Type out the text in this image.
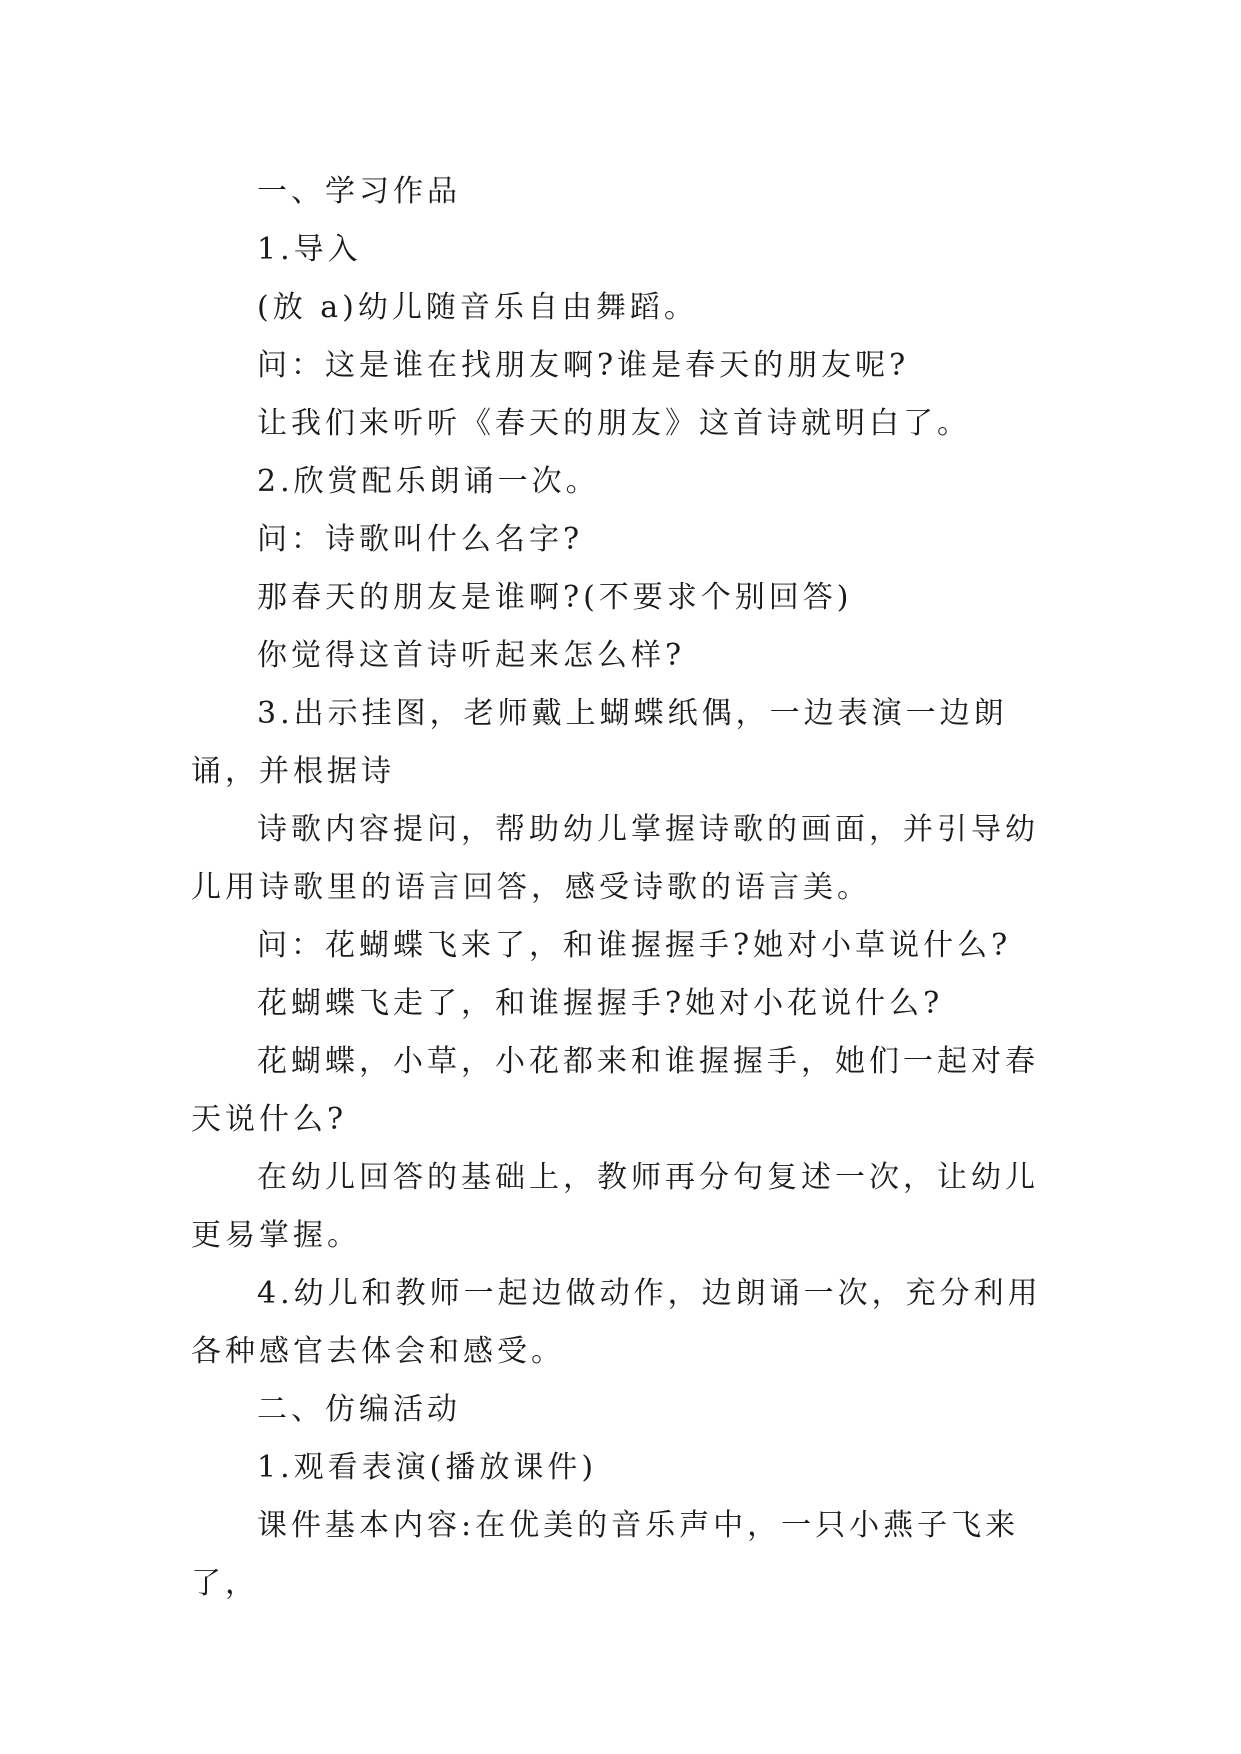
一、学习作品

1.导入

(放 a)幼儿随音乐自由舞蹈。

问：这是谁在找朋友啊?谁是春天的朋友呢?

让我们来听听《春天的朋友》这首诗就明白了。

2.欣赏配乐朗诵一次。

问：诗歌叫什么名字?

那春天的朋友是谁啊?(不要求个别回答)

你觉得这首诗听起来怎么样?

3.出示挂图，老师戴上蝴蝶纸偶，一边表演一边朗诵，并根据诗

诗歌内容提问，帮助幼儿掌握诗歌的画面，并引导幼儿用诗歌里的语言回答，感受诗歌的语言美。

问：花蝴蝶飞来了，和谁握握手?她对小草说什么?

花蝴蝶飞走了，和谁握握手?她对小花说什么?

花蝴蝶，小草，小花都来和谁握握手，她们一起对春天说什么?

在幼儿回答的基础上，教师再分句复述一次，让幼儿更易掌握。

4.幼儿和教师一起边做动作，边朗诵一次，充分利用各种感官去体会和感受。

二、仿编活动

1.观看表演(播放课件)

课件基本内容:在优美的音乐声中，一只小燕子飞来了，
